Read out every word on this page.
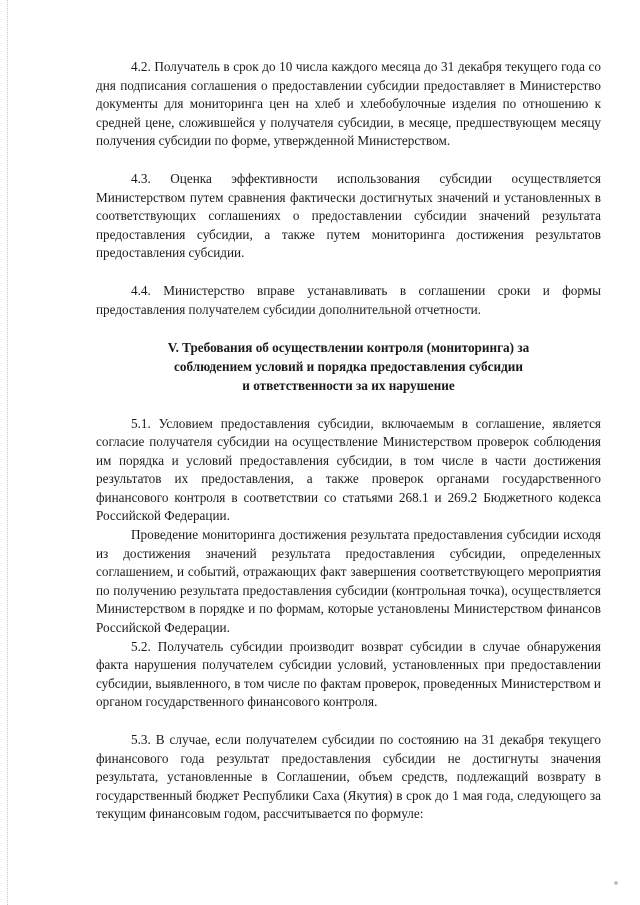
4.2. Получатель в срок до 10 числа каждого месяца до 31 декабря текущего года со дня подписания соглашения о предоставлении субсидии предоставляет в Министерство документы для мониторинга цен на хлеб и хлебобулочные изделия по отношению к средней цене, сложившейся у получателя субсидии, в месяце, предшествующем месяцу получения субсидии по форме, утвержденной Министерством.

4.3. Оценка эффективности использования субсидии осуществляется Министерством путем сравнения фактически достигнутых значений и установленных в соответствующих соглашениях о предоставлении субсидии значений результата предоставления субсидии, а также путем мониторинга достижения результатов предоставления субсидии.

4.4. Министерство вправе устанавливать в соглашении сроки и формы предоставления получателем субсидии дополнительной отчетности.

V. Требования об осуществлении контроля (мониторинга) за
соблюдением условий и порядка предоставления субсидии
и ответственности за их нарушение

5.1. Условием предоставления субсидии, включаемым в соглашение, является согласие получателя субсидии на осуществление Министерством проверок соблюдения им порядка и условий предоставления субсидии, в том числе в части достижения результатов их предоставления, а также проверок органами государственного финансового контроля в соответствии со статьями 268.1 и 269.2 Бюджетного кодекса Российской Федерации.

Проведение мониторинга достижения результата предоставления субсидии исходя из достижения значений результата предоставления субсидии, определенных соглашением, и событий, отражающих факт завершения соответствующего мероприятия по получению результата предоставления субсидии (контрольная точка), осуществляется Министерством в порядке и по формам, которые установлены Министерством финансов Российской Федерации.

5.2. Получатель субсидии производит возврат субсидии в случае обнаружения факта нарушения получателем субсидии условий, установленных при предоставлении субсидии, выявленного, в том числе по фактам проверок, проведенных Министерством и органом государственного финансового контроля.

5.3. В случае, если получателем субсидии по состоянию на 31 декабря текущего финансового года результат предоставления субсидии не достигнуты значения результата, установленные в Соглашении, объем средств, подлежащий возврату в государственный бюджет Республики Саха (Якутия) в срок до 1 мая года, следующего за текущим финансовым годом, рассчитывается по формуле:
